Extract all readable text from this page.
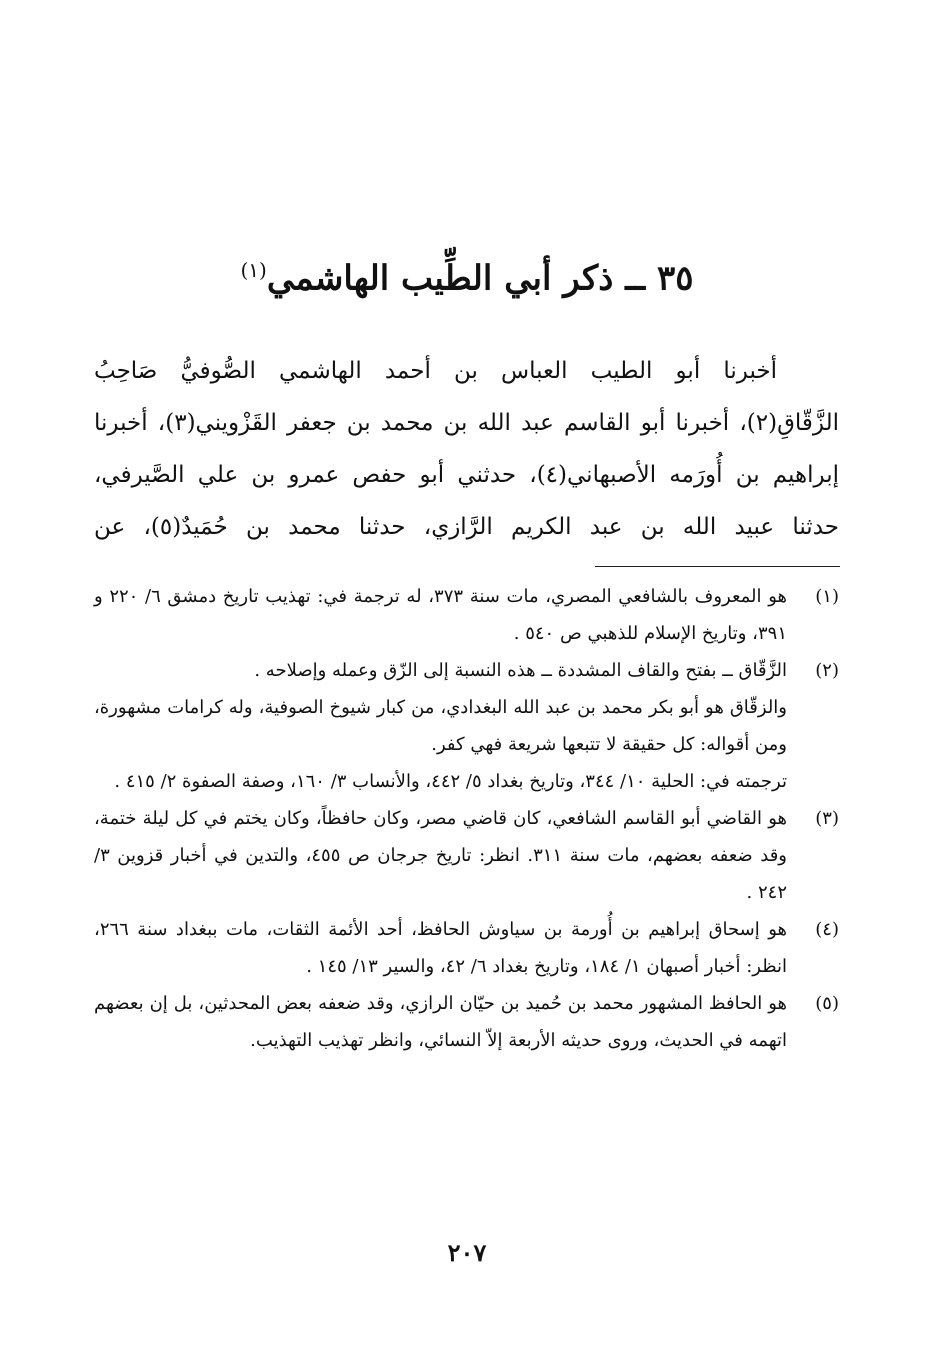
٣٥ ــ ذكر أبي الطِّيب الهاشمي$^{(١)}$

أخبرنا أبو الطيب العباس بن أحمد الهاشمي الصُّوفيُّ صَاحِبُ
الزَّقّاقِ(٢)، أخبرنا أبو القاسم عبد الله بن محمد بن جعفر القَزْويني(٣)، أخبرنا
إبراهيم بن أُورَمه الأصبهاني(٤)، حدثني أبو حفص عمرو بن علي الصَّيرفي،
حدثنا عبيد الله بن عبد الكريم الرَّازي، حدثنا محمد بن حُمَيدٌ(٥)، عن

(١)
هو المعروف بالشافعي المصري، مات سنة ٣٧٣، له ترجمة في: تهذيب تاريخ دمشق ٦/ ٢٢٠ و ٣٩١، وتاريخ الإسلام للذهبي ص ٥٤٠ .
(٢)
الزَّقّاق ــ بفتح والقاف المشددة ــ هذه النسبة إلى الزّق وعمله وإصلاحه .
والزقّاق هو أبو بكر محمد بن عبد الله البغدادي، من كبار شيوخ الصوفية، وله كرامات مشهورة، ومن أقواله: كل حقيقة لا تتبعها شريعة فهي كفر.
ترجمته في: الحلية ١٠/ ٣٤٤، وتاريخ بغداد ٥/ ٤٤٢، والأنساب ٣/ ١٦٠، وصفة الصفوة ٢/ ٤١٥ .
(٣)
هو القاضي أبو القاسم الشافعي، كان قاضي مصر، وكان حافظاً، وكان يختم في كل ليلة ختمة، وقد ضعفه بعضهم، مات سنة ٣١١. انظر: تاريخ جرجان ص ٤٥٥، والتدين في أخبار قزوين ٣/ ٢٤٢ .
(٤)
هو إسحاق إبراهيم بن أُورمة بن سياوش الحافظ، أحد الأئمة الثقات، مات ببغداد سنة ٢٦٦، انظر: أخبار أصبهان ١/ ١٨٤، وتاريخ بغداد ٦/ ٤٢، والسير ١٣/ ١٤٥ .
(٥)
هو الحافظ المشهور محمد بن حُميد بن حيّان الرازي، وقد ضعفه بعض المحدثين، بل إن بعضهم اتهمه في الحديث، وروى حديثه الأربعة إلاّ النسائي، وانظر تهذيب التهذيب.
٢٠٧
